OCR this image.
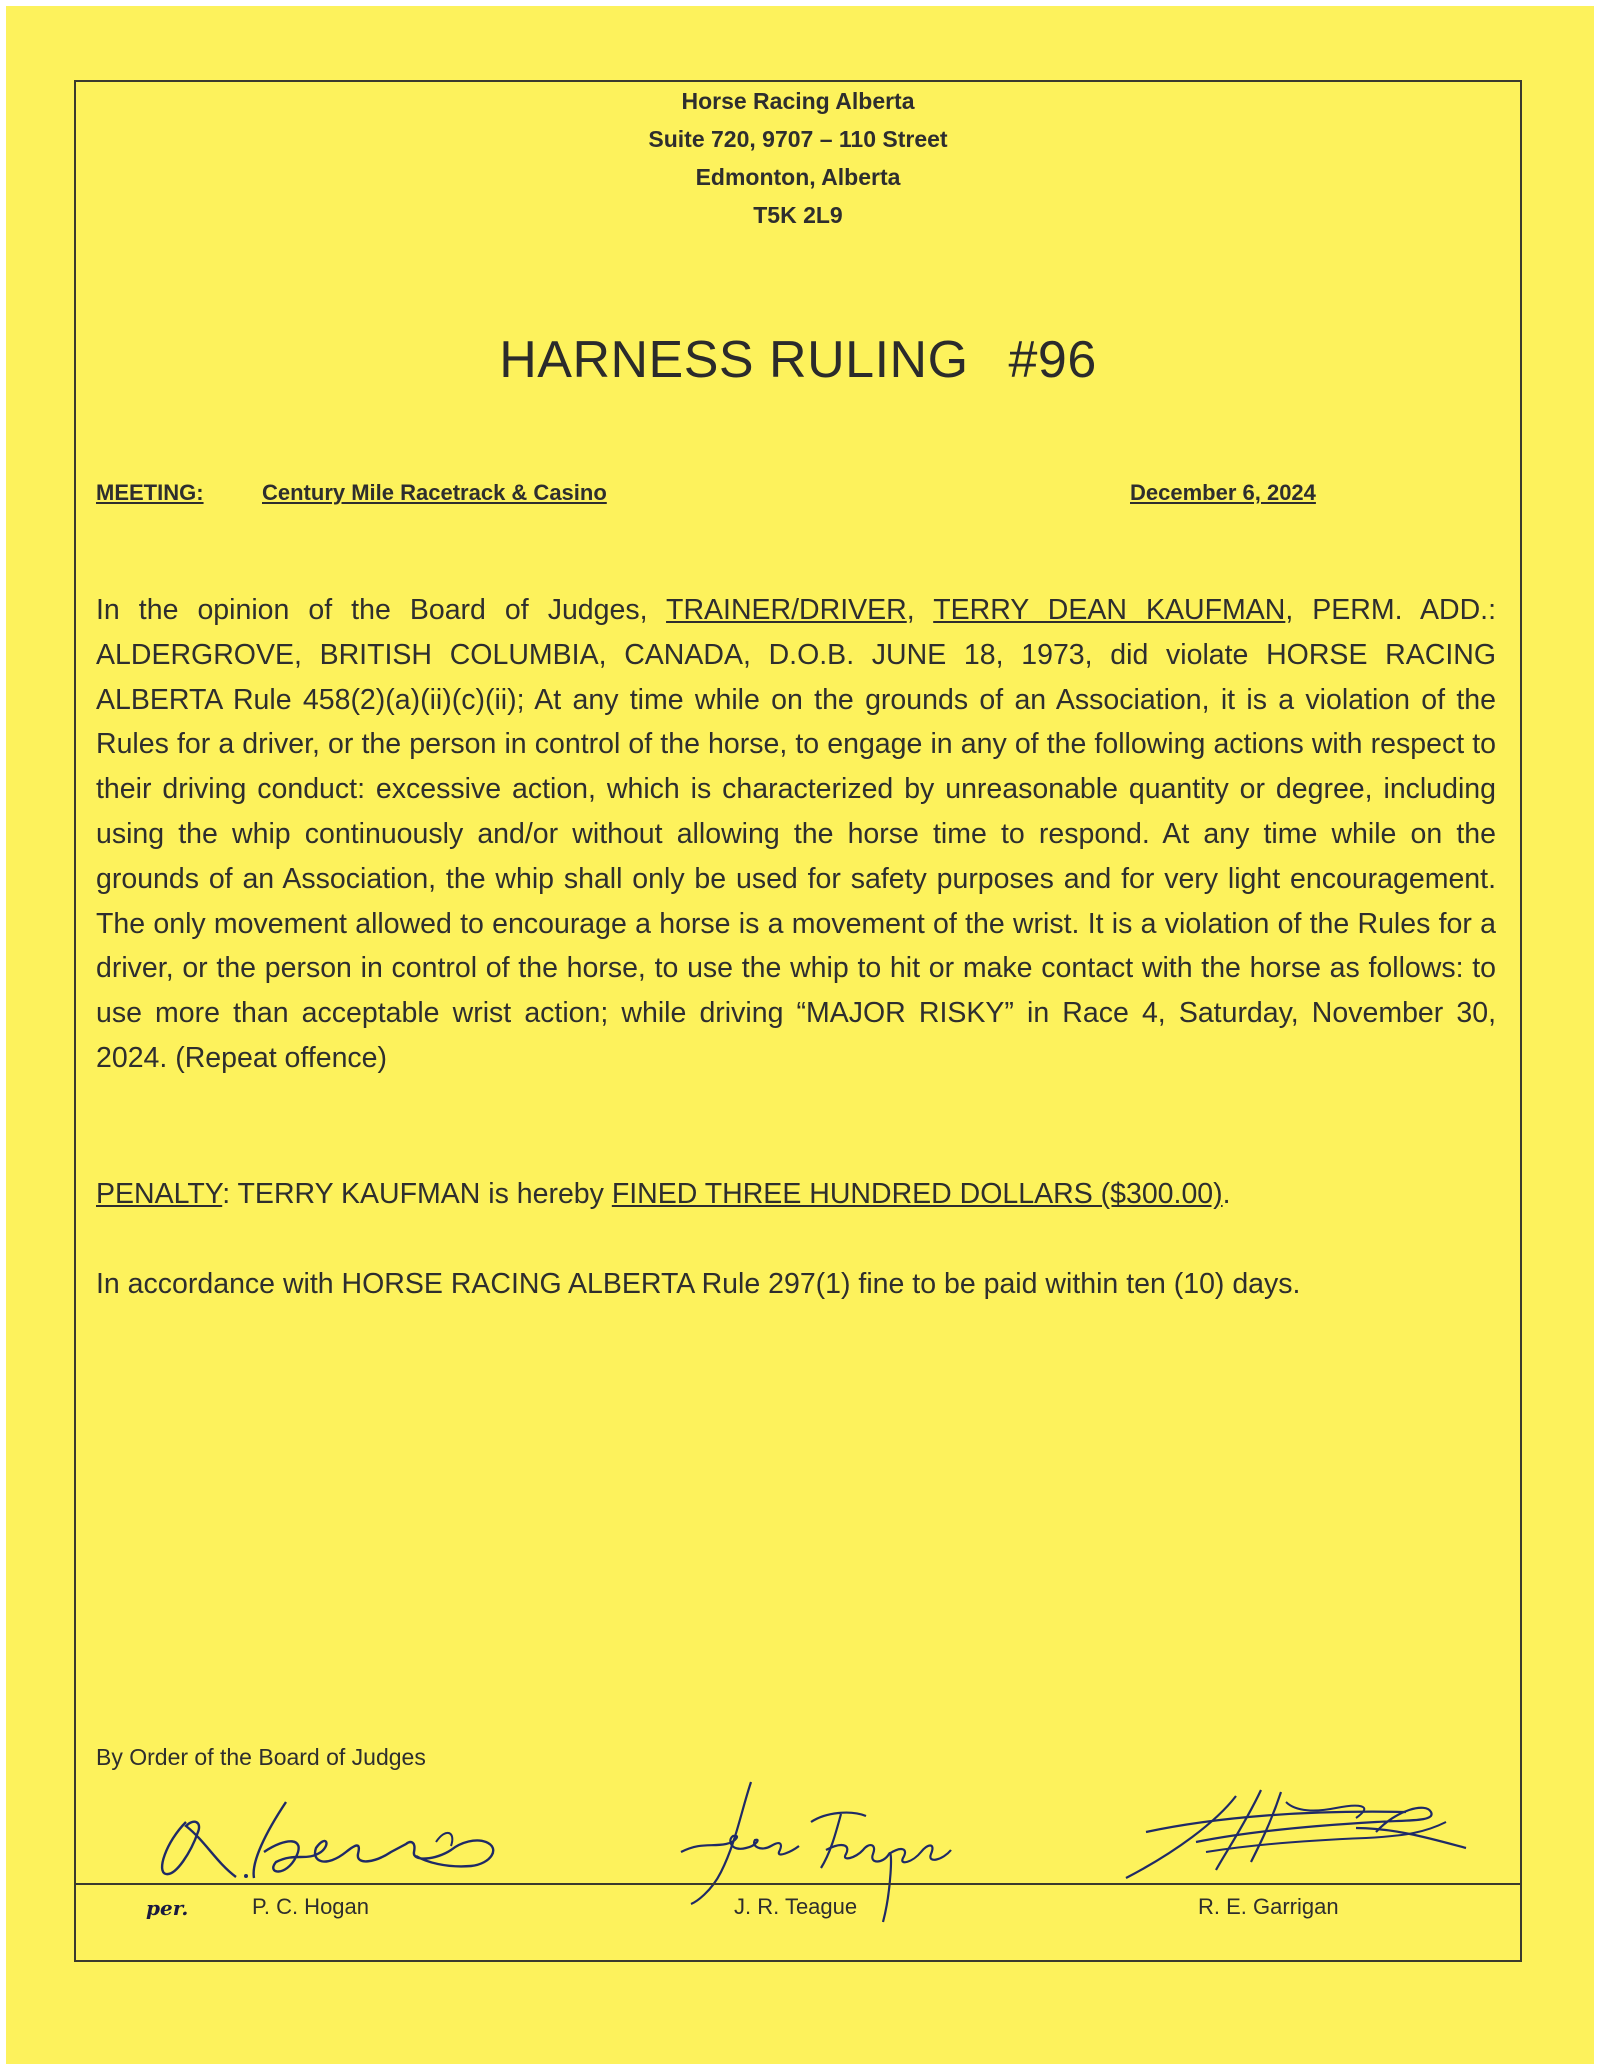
Horse Racing Alberta
Suite 720, 9707 – 110 Street
Edmonton, Alberta
T5K 2L9
HARNESS RULING #96
MEETING:	Century Mile Racetrack & Casino	December 6, 2024
In the opinion of the Board of Judges, TRAINER/DRIVER, TERRY DEAN KAUFMAN, PERM. ADD.: ALDERGROVE, BRITISH COLUMBIA, CANADA, D.O.B. JUNE 18, 1973, did violate HORSE RACING ALBERTA Rule 458(2)(a)(ii)(c)(ii); At any time while on the grounds of an Association, it is a violation of the Rules for a driver, or the person in control of the horse, to engage in any of the following actions with respect to their driving conduct: excessive action, which is characterized by unreasonable quantity or degree, including using the whip continuously and/or without allowing the horse time to respond. At any time while on the grounds of an Association, the whip shall only be used for safety purposes and for very light encouragement. The only movement allowed to encourage a horse is a movement of the wrist. It is a violation of the Rules for a driver, or the person in control of the horse, to use the whip to hit or make contact with the horse as follows: to use more than acceptable wrist action; while driving “MAJOR RISKY” in Race 4, Saturday, November 30, 2024. (Repeat offence)
PENALTY: TERRY KAUFMAN is hereby FINED THREE HUNDRED DOLLARS ($300.00).
In accordance with HORSE RACING ALBERTA Rule 297(1) fine to be paid within ten (10) days.
By Order of the Board of Judges
per.	P. C. Hogan	J. R. Teague	R. E. Garrigan
